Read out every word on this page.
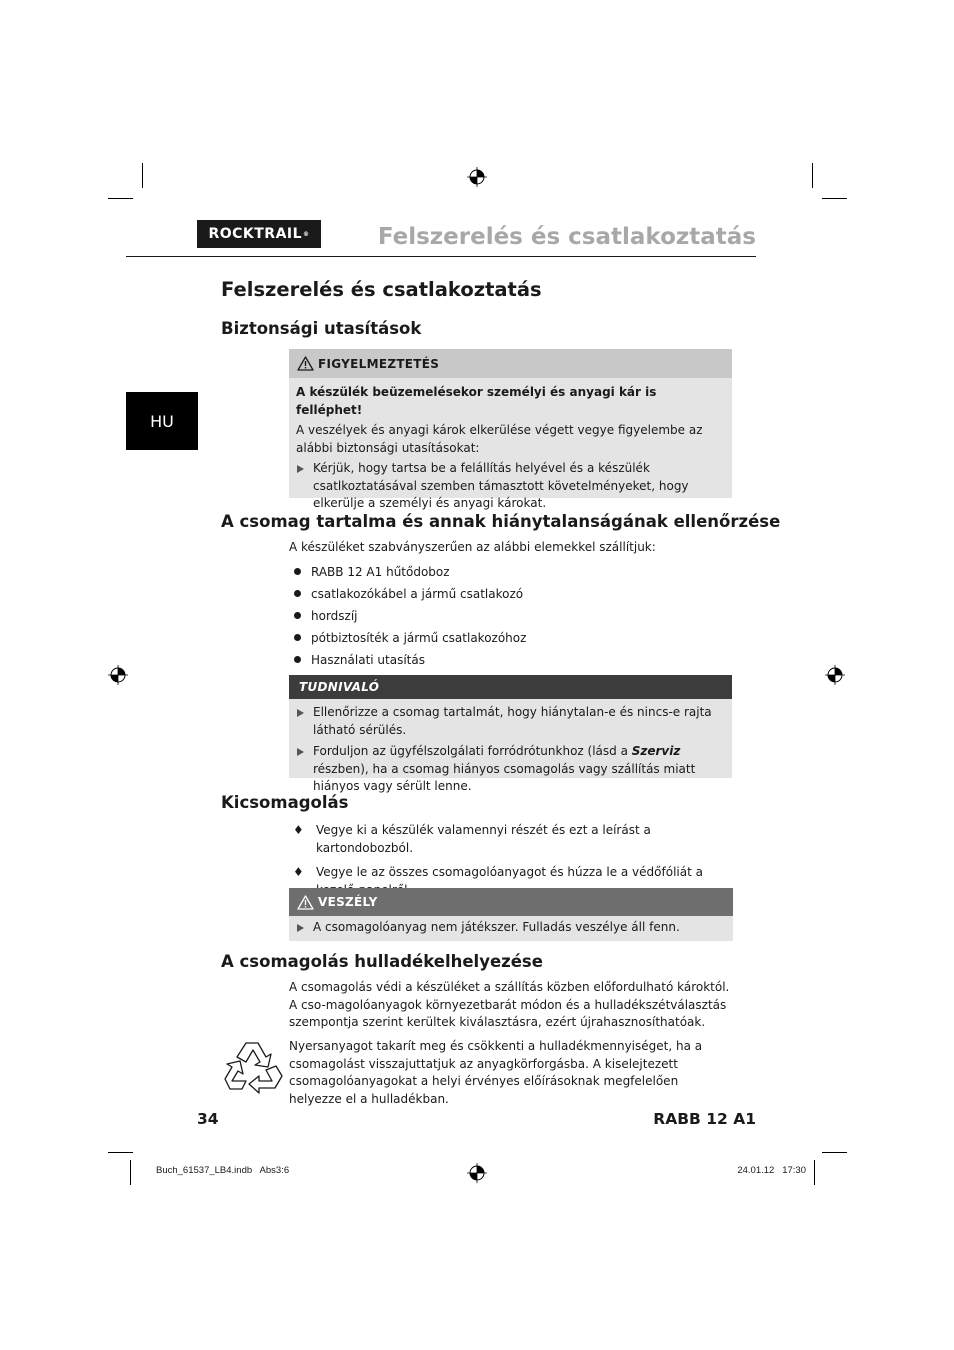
ROCKTRAIL ®	Felszerelés és csatlakoztatás
HU
Felszerelés és csatlakoztatás
Biztonsági utasítások
FIGYELMEZTETÉS
A készülék beüzemelésekor személyi és anyagi kár is felléphet!
A veszélyek és anyagi károk elkerülése végett vegye figyelembe az alábbi biztonsági utasításokat:
Kérjük, hogy tartsa be a felállítás helyével és a készülék csatlkoztatásával szemben támasztott követelményeket, hogy elkerülje a személyi és anyagi károkat.
A csomag tartalma és annak hiánytalanságának ellenőrzése
A készüléket szabványszerűen az alábbi elemekkel szállítjuk:
RABB 12 A1 hűtődoboz
csatlakozókábel a jármű csatlakozó
hordszíj
pótbiztosíték a jármű csatlakozóhoz
Használati utasítás
TUDNIVALÓ
Ellenőrizze a csomag tartalmát, hogy hiánytalan-e és nincs-e rajta látható sérülés.
Forduljon az ügyfélszolgálati forródrótunkhoz (lásd a Szerviz részben), ha a csomag hiányos csomagolás vagy szállítás miatt hiányos vagy sérült lenne.
Kicsomagolás
♦ Vegye ki a készülék valamennyi részét és ezt a leírást a kartondobozból.
♦ Vegye le az összes csomagolóanyagot és húzza le a védőfóliát a
VESZÉLY
A csomagolóanyag nem játékszer. Fulladás veszélye áll fenn.
A csomagolás hulladékelhelyezése
A csomagolás védi a készüléket a szállítás közben előfordulható károktól. A cso-magolóanyagok környezetbarát módon és a hulladékszétválasztás szempontja szerint kerültek kiválasztásra, ezért újrahasznosíthatóak.
Nyersanyagot takarít meg és csökkenti a hulladékmennyiséget, ha a csomagolást visszajuttatjuk az anyagkörforgásba. A kiselejtezett csomagolóanyagokat a helyi érvényes előírásoknak megfelelően helyezze el a hulladékban.
34	RABB 12 A1
Buch_61537_LB4.indb   Abs3:6	24.01.12   17:30
